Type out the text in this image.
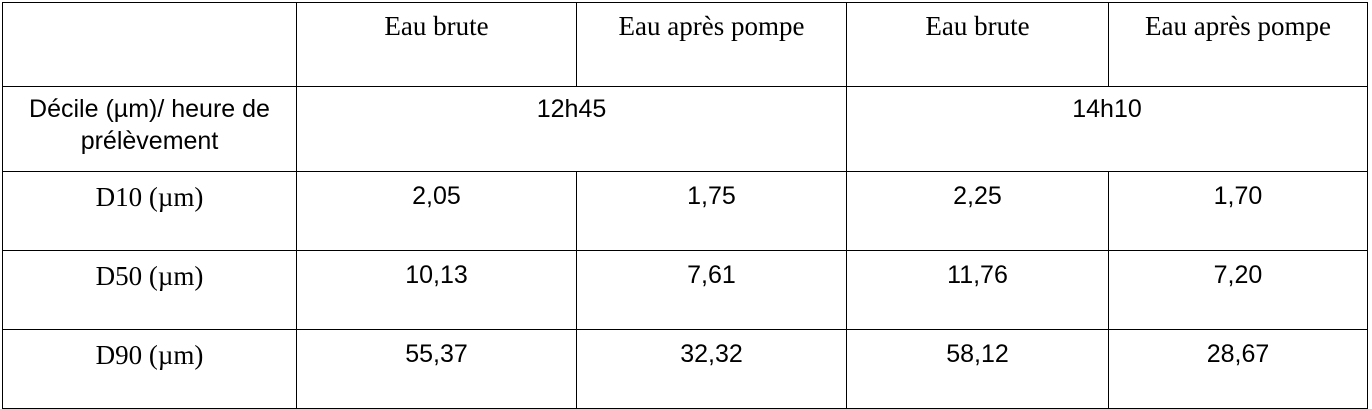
	Eau brute	Eau après pompe	Eau brute	Eau après pompe
Décile (µm)/ heure de prélèvement	12h45		14h10	
D10 (µm)	2,05	1,75	2,25	1,70
D50 (µm)	10,13	7,61	11,76	7,20
D90 (µm)	55,37	32,32	58,12	28,67
